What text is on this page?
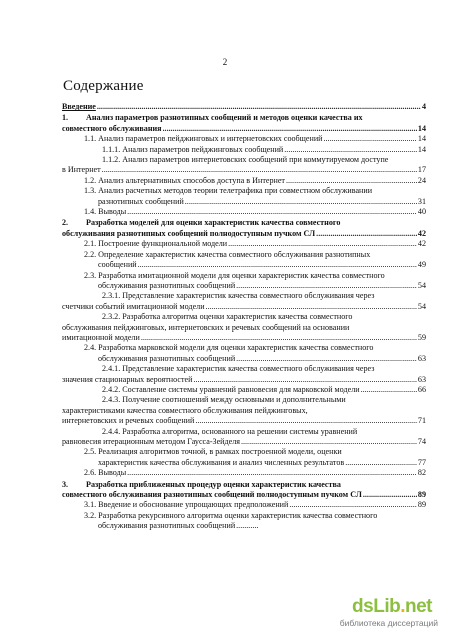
2
Содержание
Введение .....	4
1. Анализ параметров разнотипных сообщений и методов оценки качества их
совместного обслуживания .....	14
1.1. Анализ параметров пейджинговых и интернетовских сообщений .....	14
1.1.1. Анализ параметров пейджинговых сообщений .....	14
1.1.2. Анализ параметров интернетовских сообщений при коммутируемом доступе
в Интернет .....	17
1.2. Анализ альтернативных способов доступа в Интернет .....	24
1.3. Анализ расчетных методов теории телетрафика при совместном обслуживании
разнотипных сообщений .....	31
1.4. Выводы .....	40
2. Разработка моделей для оценки характеристик качества совместного
обслуживания разнотипных сообщений полнодоступным пучком СЛ .....	42
2.1. Построение функциональной модели .....	42
2.2. Определение характеристик качества совместного обслуживания разнотипных
сообщений .....	49
2.3. Разработка имитационной модели для оценки характеристик качества совместного
обслуживания разнотипных сообщений .....	54
2.3.1. Представление характеристик качества совместного обслуживания через
счетчики событий имитационной модели .....	54
2.3.2. Разработка алгоритма оценки характеристик качества совместного
обслуживания пейджинговых, интернетовских и речевых сообщений на основании
имитационной модели .....	59
2.4. Разработка марковской модели для оценки характеристик качества совместного
обслуживания разнотипных сообщений .....	63
2.4.1. Представление характеристик качества совместного обслуживания через
значения стационарных вероятностей .....	63
2.4.2. Составление системы уравнений равновесия для марковской модели .....	66
2.4.3. Получение соотношений между основными и дополнительными
характеристиками качества совместного обслуживания пейджинговых,
интернетовских и речевых сообщений .....	71
2.4.4. Разработка алгоритма, основанного на решении системы уравнений
равновесия итерационным методом Гаусса-Зейделя .....	74
2.5. Реализация алгоритмов точной, в рамках построенной модели, оценки
характеристик качества обслуживания и анализ численных результатов .....	77
2.6. Выводы .....	82
3. Разработка приближенных процедур оценки характеристик качества
совместного обслуживания разнотипных сообщений полнодоступным пучком СЛ .....	89
3.1. Введение и обоснование упрощающих предположений .....	89
3.2. Разработка рекурсивного алгоритма оценки характеристик качества совместного
обслуживания разнотипных сообщений
.....
dsLib.net
библиотека диссертаций
